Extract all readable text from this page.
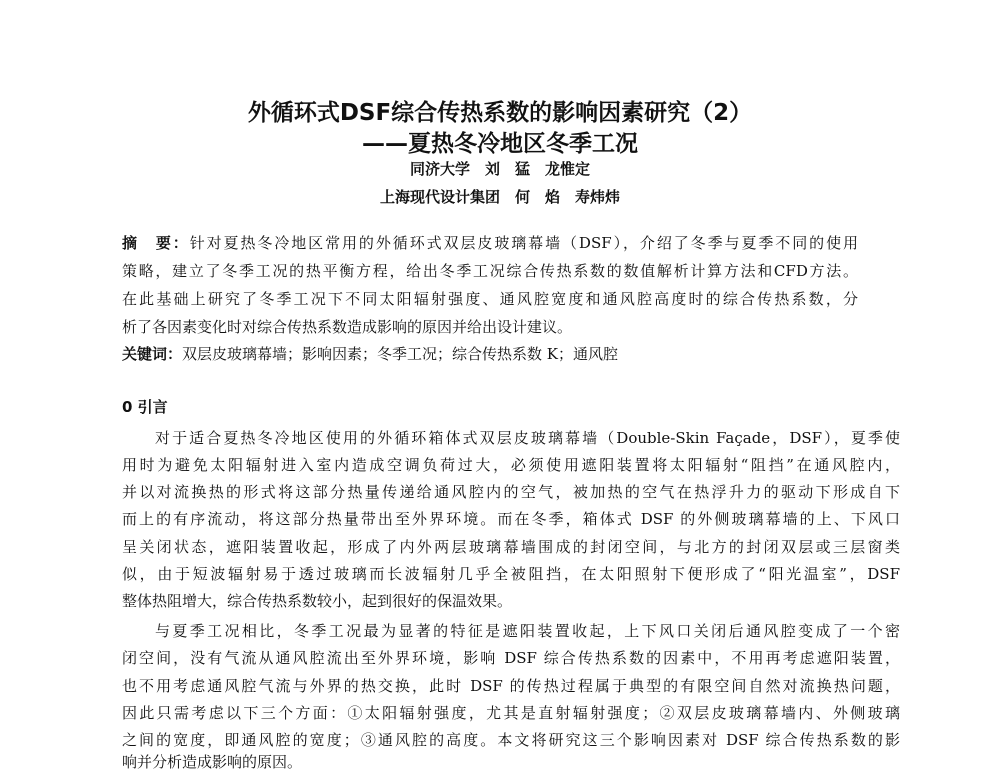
外循环式DSF综合传热系数的影响因素研究（2）
——夏热冬冷地区冬季工况
同济大学　刘　猛　龙惟定
上海现代设计集团　何　焰　寿炜炜
摘　要：针对夏热冬冷地区常用的外循环式双层皮玻璃幕墙（DSF），介绍了冬季与夏季不同的使用
策略，建立了冬季工况的热平衡方程，给出冬季工况综合传热系数的数值解析计算方法和CFD方法。
在此基础上研究了冬季工况下不同太阳辐射强度、通风腔宽度和通风腔高度时的综合传热系数，分
析了各因素变化时对综合传热系数造成影响的原因并给出设计建议。
关键词：双层皮玻璃幕墙；影响因素；冬季工况；综合传热系数 K；通风腔
0 引言
对于适合夏热冬冷地区使用的外循环箱体式双层皮玻璃幕墙（Double-Skin Façade，DSF），夏季使
用时为避免太阳辐射进入室内造成空调负荷过大，必须使用遮阳装置将太阳辐射“阻挡”在通风腔内，
并以对流换热的形式将这部分热量传递给通风腔内的空气，被加热的空气在热浮升力的驱动下形成自下
而上的有序流动，将这部分热量带出至外界环境。而在冬季，箱体式 DSF 的外侧玻璃幕墙的上、下风口
呈关闭状态，遮阳装置收起，形成了内外两层玻璃幕墙围成的封闭空间，与北方的封闭双层或三层窗类
似，由于短波辐射易于透过玻璃而长波辐射几乎全被阻挡，在太阳照射下便形成了“阳光温室”，DSF
整体热阻增大，综合传热系数较小，起到很好的保温效果。
与夏季工况相比，冬季工况最为显著的特征是遮阳装置收起，上下风口关闭后通风腔变成了一个密
闭空间，没有气流从通风腔流出至外界环境，影响 DSF 综合传热系数的因素中，不用再考虑遮阳装置，
也不用考虑通风腔气流与外界的热交换，此时 DSF 的传热过程属于典型的有限空间自然对流换热问题，
因此只需考虑以下三个方面：①太阳辐射强度，尤其是直射辐射强度；②双层皮玻璃幕墙内、外侧玻璃
之间的宽度，即通风腔的宽度；③通风腔的高度。本文将研究这三个影响因素对 DSF 综合传热系数的影
响并分析造成影响的原因。
